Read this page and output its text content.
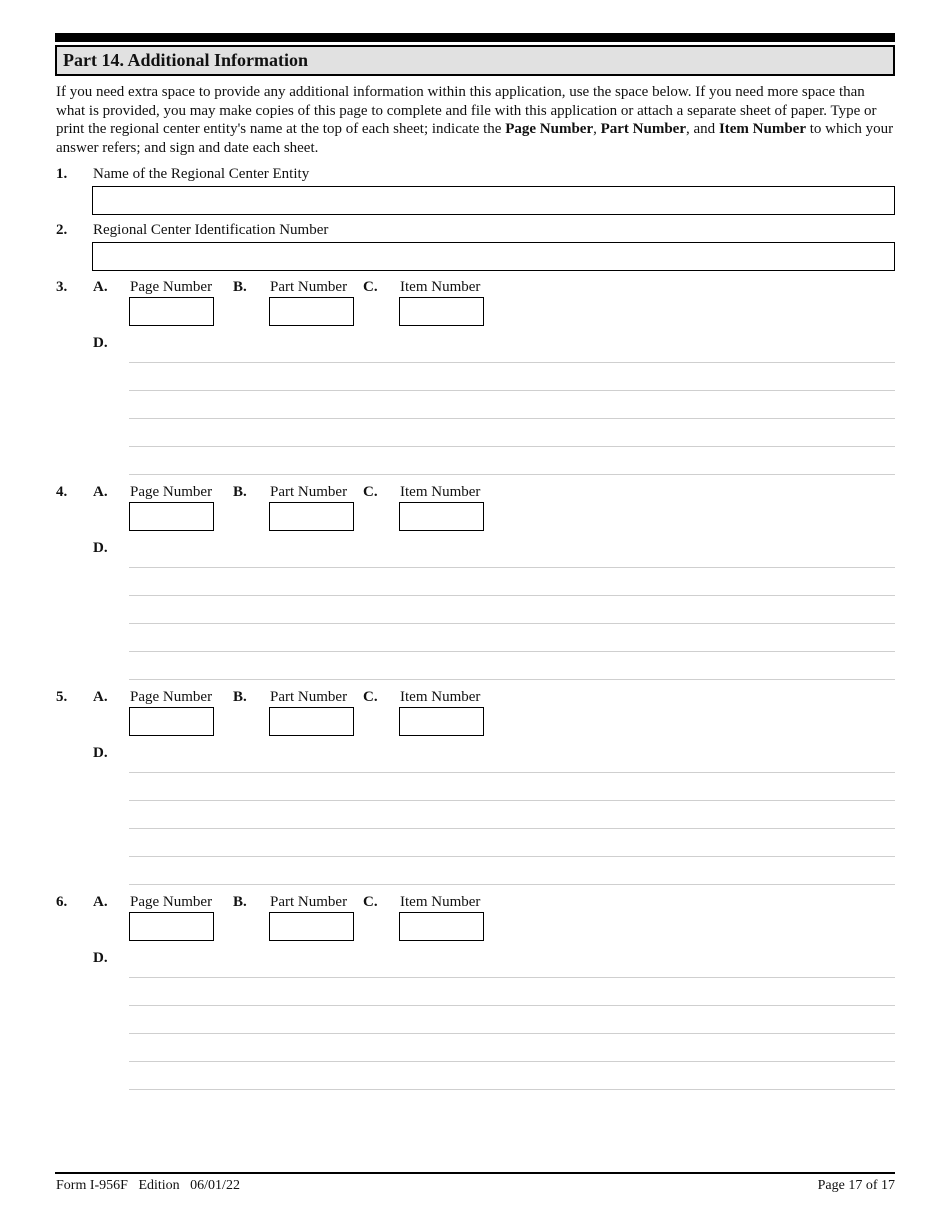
Part 14. Additional Information
If you need extra space to provide any additional information within this application, use the space below. If you need more space than what is provided, you may make copies of this page to complete and file with this application or attach a separate sheet of paper. Type or print the regional center entity's name at the top of each sheet; indicate the Page Number, Part Number, and Item Number to which your answer refers; and sign and date each sheet.
1. Name of the Regional Center Entity
2. Regional Center Identification Number
3. A. Page Number B. Part Number C. Item Number
D.
4. A. Page Number B. Part Number C. Item Number
D.
5. A. Page Number B. Part Number C. Item Number
D.
6. A. Page Number B. Part Number C. Item Number
D.
Form I-956F   Edition   06/01/22	Page 17 of 17
